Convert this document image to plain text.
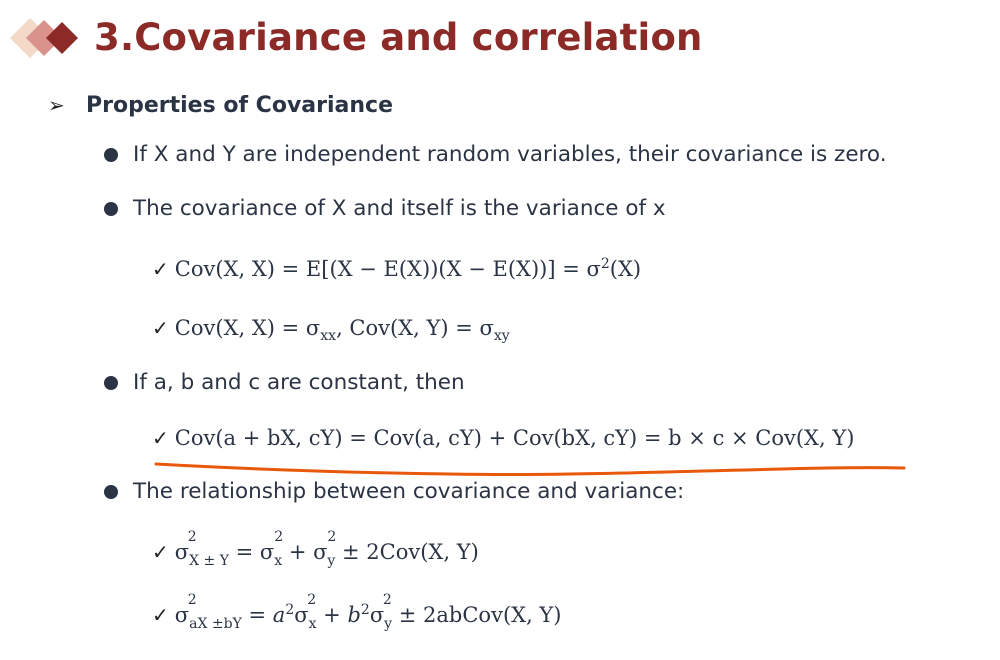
3.Covariance and correlation
➢ Properties of Covariance
If X and Y are independent random variables, their covariance is zero.
The covariance of X and itself is the variance of x
✓ Cov(X, $X) = E[(X - E(X))(X - E(X))] = \sigma^2(X)$
✓ Cov(X, $X) = \sigma_{xx}$, Cov(X, $Y) = \sigma_{xy}$
If a, b and c are constant, then
✓ Cov(a + bX, cY) = Cov(a, cY) + Cov(bX, cY) = b × c × Cov(X, Y)
The relationship between covariance and variance:
✓ σ
2
$_{X \pm Y}$ = σ
2
$_x$ + σ
2
$_y$ ± 2Cov(X, Y)
✓ σ
2
$_{aX \pm bY} = a^2\sigma$
2
$_x + b^2\sigma$
2
$_y$ ± 2abCov(X, Y)
